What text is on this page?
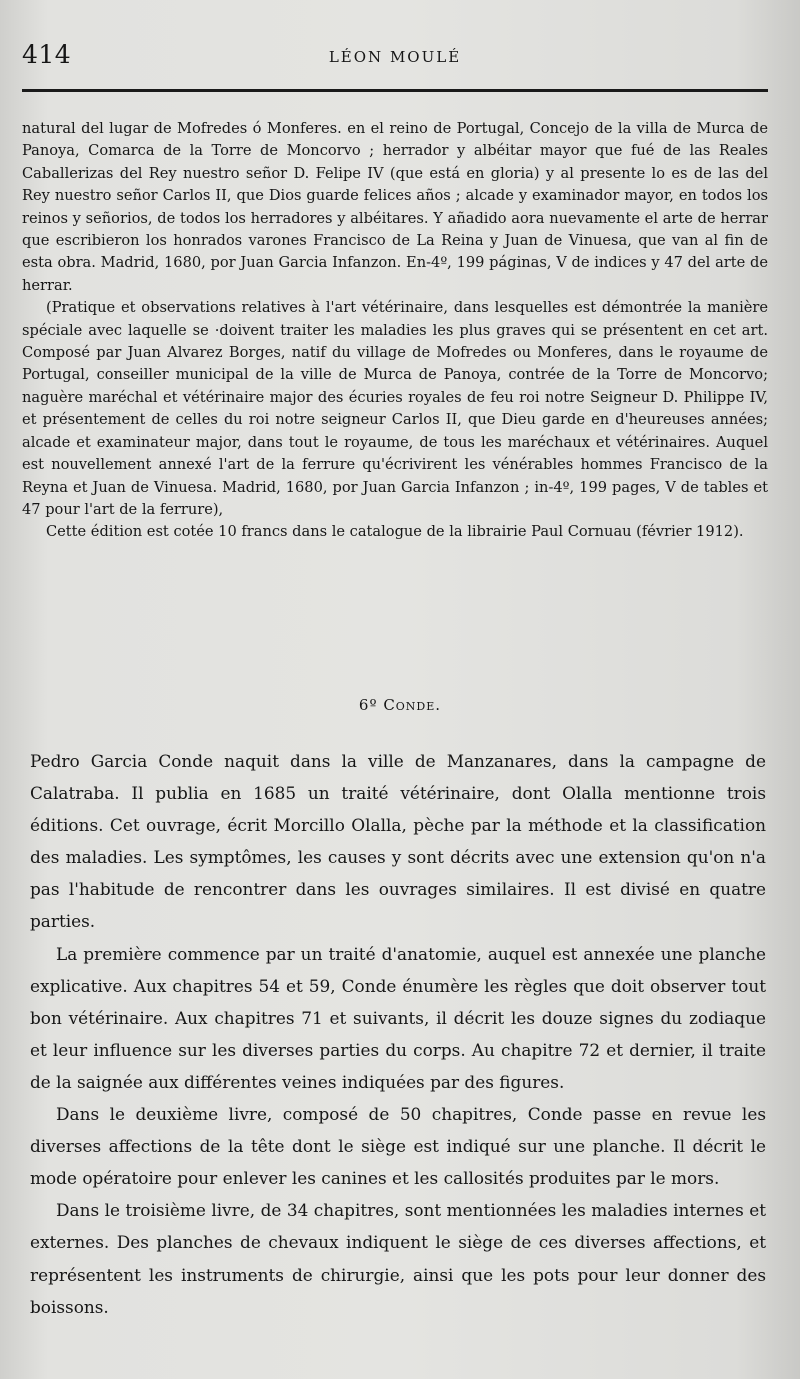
414	LÉON MOULÉ

natural del lugar de Mofredes ó Monferes. en el reino de Portugal, Concejo de la villa de Murca de Panoya, Comarca de la Torre de Moncorvo ; herrador y albéitar mayor que fué de las Reales Caballerizas del Rey nuestro señor D. Felipe IV (que está en gloria) y al presente lo es de las del Rey nuestro señor Carlos II, que Dios guarde felices años ; alcade y examinador mayor, en todos los reinos y señorios, de todos los herradores y albéitares. Y añadido aora nuevamente el arte de herrar que escribieron los honrados varones Francisco de La Reina y Juan de Vinuesa, que van al fin de esta obra. Madrid, 1680, por Juan Garcia Infanzon. En-4º, 199 páginas, V de indices y 47 del arte de herrar.

(Pratique et observations relatives à l'art vétérinaire, dans lesquelles est démontrée la manière spéciale avec laquelle se ·doivent traiter les maladies les plus graves qui se présentent en cet art. Composé par Juan Alvarez Borges, natif du village de Mofredes ou Monferes, dans le royaume de Portugal, conseiller municipal de la ville de Murca de Panoya, contrée de la Torre de Moncorvo; naguère maréchal et vétérinaire major des écuries royales de feu roi notre Seigneur D. Philippe IV, et présentement de celles du roi notre seigneur Carlos II, que Dieu garde en d'heureuses années; alcade et examinateur major, dans tout le royaume, de tous les maréchaux et vétérinaires. Auquel est nouvellement annexé l'art de la ferrure qu'écrivirent les vénérables hommes Francisco de la Reyna et Juan de Vinuesa. Madrid, 1680, por Juan Garcia Infanzon ; in-4º, 199 pages, V de tables et 47 pour l'art de la ferrure),

Cette édition est cotée 10 francs dans le catalogue de la librairie Paul Cornuau (février 1912).

6º Conde.

Pedro Garcia Conde naquit dans la ville de Manzanares, dans la campagne de Calatraba. Il publia en 1685 un traité vétérinaire, dont Olalla mentionne trois éditions. Cet ouvrage, écrit Morcillo Olalla, pèche par la méthode et la classification des maladies. Les symptômes, les causes y sont décrits avec une extension qu'on n'a pas l'habitude de rencontrer dans les ouvrages similaires. Il est divisé en quatre parties.

La première commence par un traité d'anatomie, auquel est annexée une planche explicative. Aux chapitres 54 et 59, Conde énumère les règles que doit observer tout bon vétérinaire. Aux chapitres 71 et suivants, il décrit les douze signes du zodiaque et leur influence sur les diverses parties du corps. Au chapitre 72 et dernier, il traite de la saignée aux différentes veines indiquées par des figures.

Dans le deuxième livre, composé de 50 chapitres, Conde passe en revue les diverses affections de la tête dont le siège est indiqué sur une planche. Il décrit le mode opératoire pour enlever les canines et les callosités produites par le mors.

Dans le troisième livre, de 34 chapitres, sont mentionnées les maladies internes et externes. Des planches de chevaux indiquent le siège de ces diverses affections, et représentent les instruments de chirurgie, ainsi que les pots pour leur donner des boissons.
